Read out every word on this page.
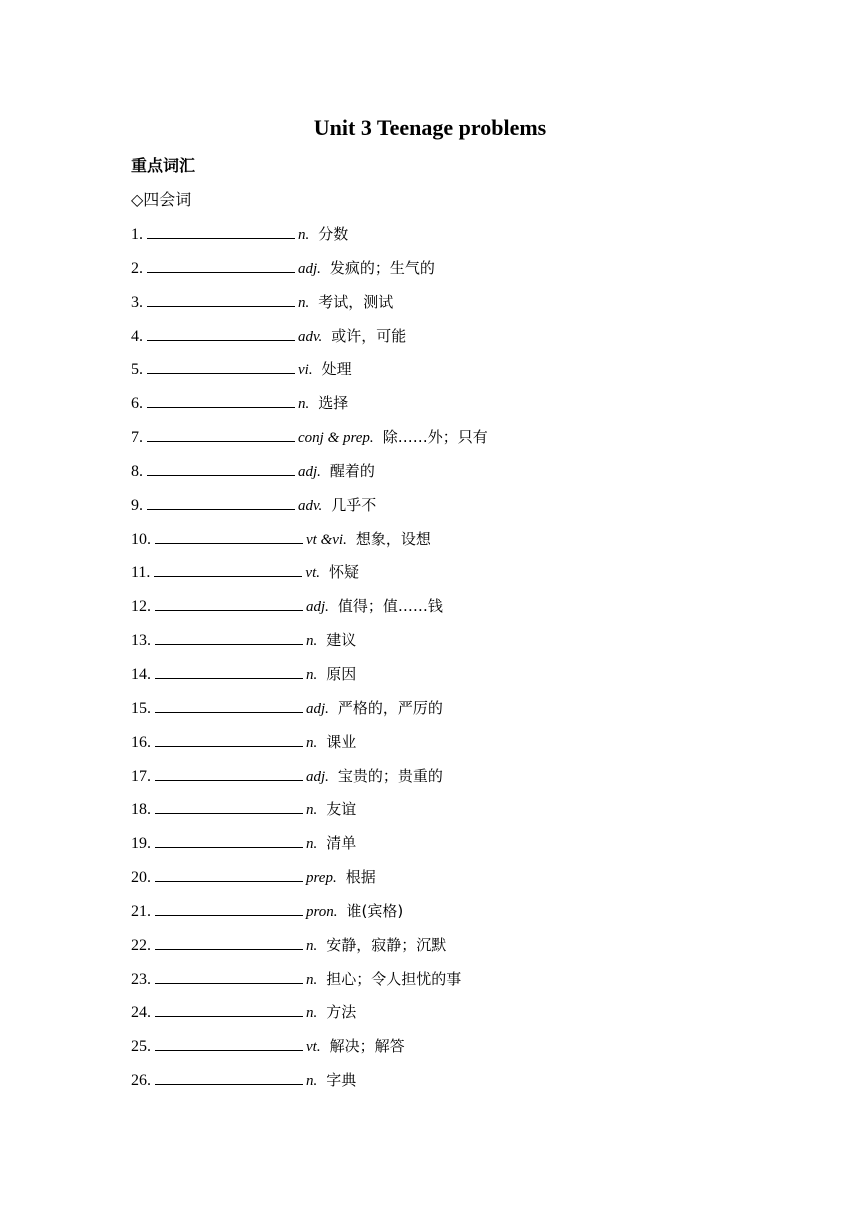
Unit 3 Teenage problems
重点词汇
◇四会词
1.	n. 分数
2.	adj. 发疯的；生气的
3.	n. 考试，测试
4.	adv. 或许，可能
5.	vi. 处理
6.	n. 选择
7.	conj & prep. 除……外；只有
8.	adj. 醒着的
9.	adv. 几乎不
10.	vt &vi. 想象，设想
11.	vt. 怀疑
12.	adj. 值得；值……钱
13.	n. 建议
14.	n. 原因
15.	adj. 严格的，严厉的
16.	n. 课业
17.	adj. 宝贵的；贵重的
18.	n. 友谊
19.	n. 清单
20.	prep. 根据
21.	pron. 谁(宾格)
22.	n. 安静，寂静；沉默
23.	n. 担心；令人担忧的事
24.	n. 方法
25.	vt. 解决；解答
26.	n. 字典
